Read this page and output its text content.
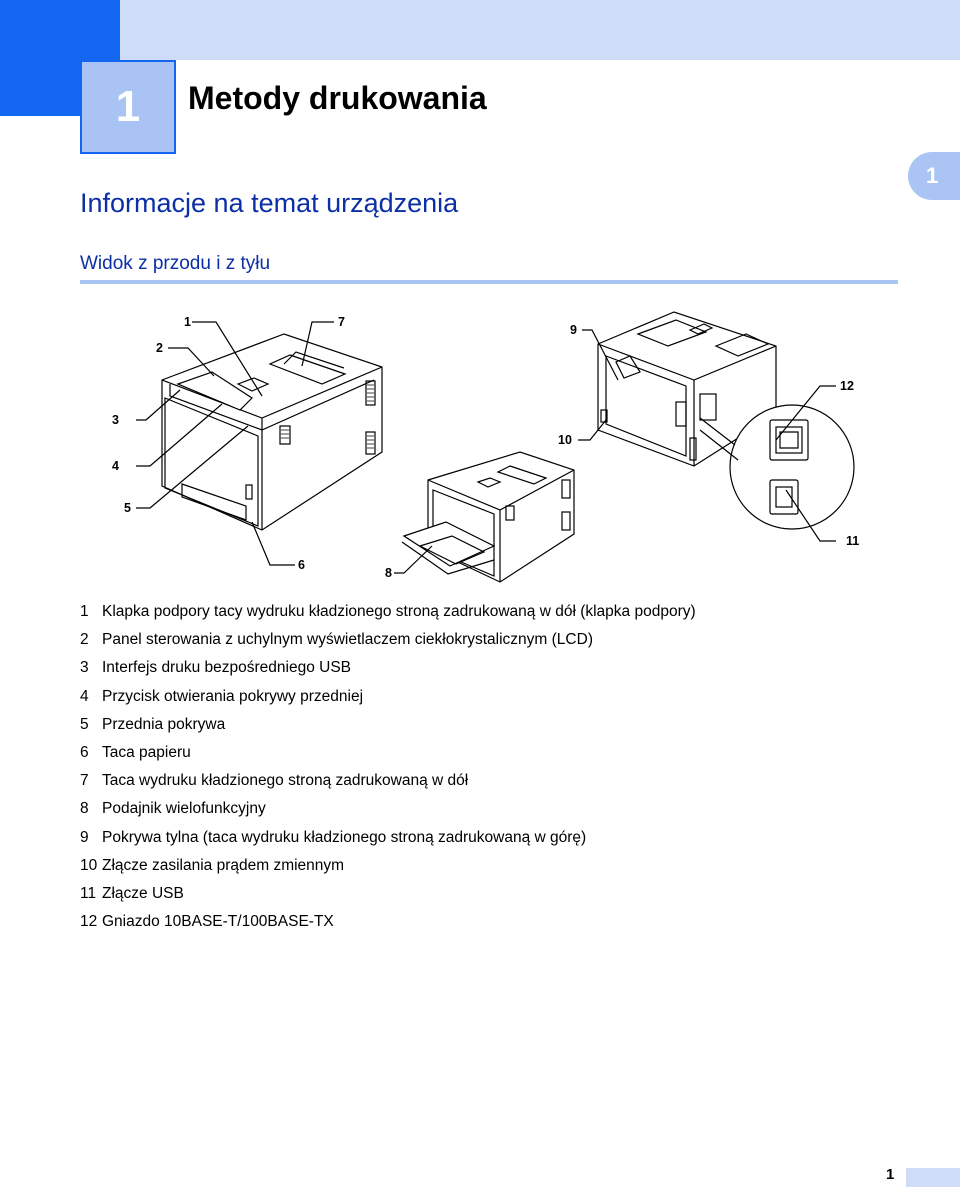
1	Metody drukowania
1
Informacje na temat urządzenia
Widok z przodu i z tyłu
1
2
3
4
5
6
7
8
9
10
11
12
1 Klapka podpory tacy wydruku kładzionego stroną zadrukowaną w dół (klapka podpory)
2 Panel sterowania z uchylnym wyświetlaczem ciekłokrystalicznym (LCD)
3 Interfejs druku bezpośredniego USB
4 Przycisk otwierania pokrywy przedniej
5 Przednia pokrywa
6 Taca papieru
7 Taca wydruku kładzionego stroną zadrukowaną w dół
8 Podajnik wielofunkcyjny
9 Pokrywa tylna (taca wydruku kładzionego stroną zadrukowaną w górę)
10 Złącze zasilania prądem zmiennym
11 Złącze USB
12 Gniazdo 10BASE-T/100BASE-TX
1
